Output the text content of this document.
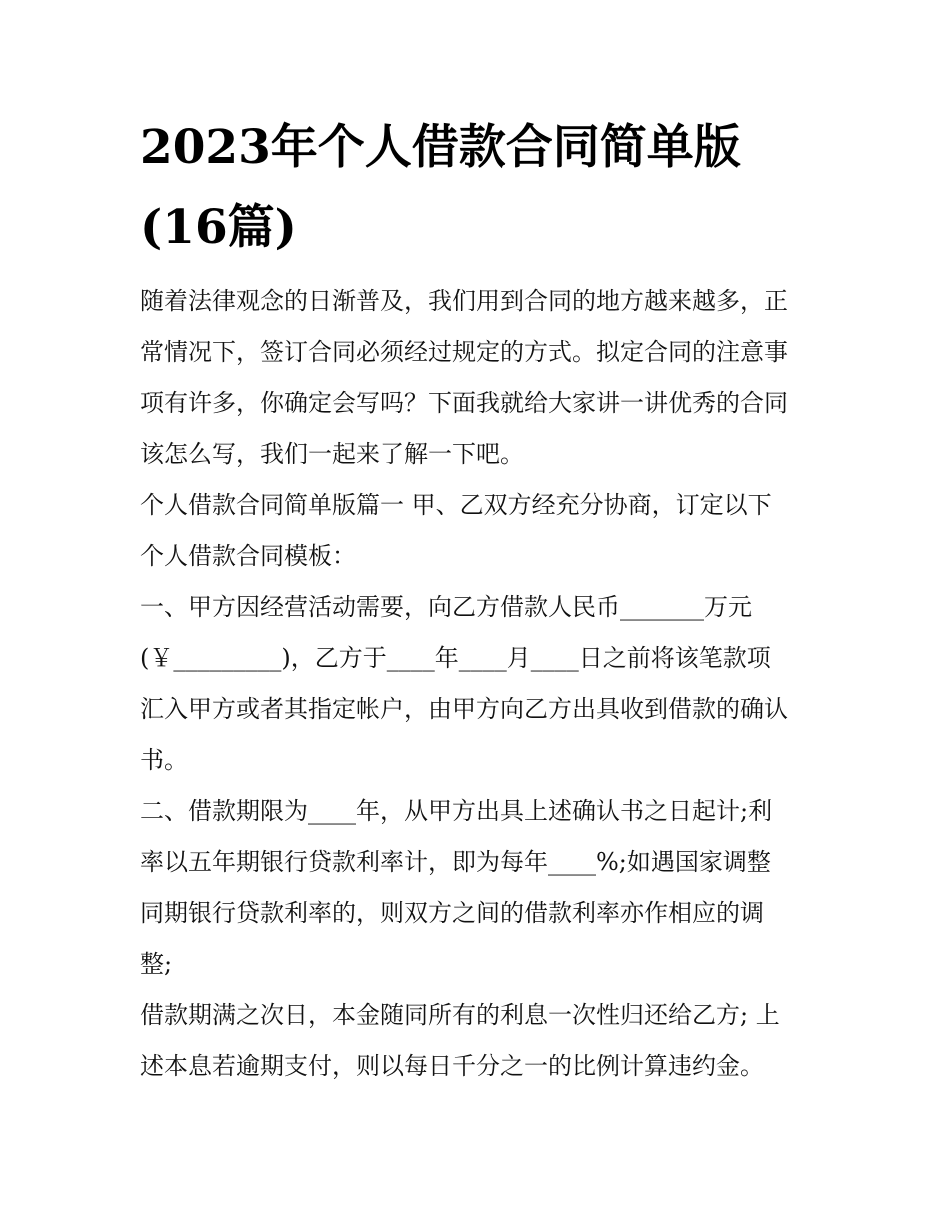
2023年个人借款合同简单版
(16篇)
随着法律观念的日渐普及，我们用到合同的地方越来越多，正
常情况下，签订合同必须经过规定的方式。拟定合同的注意事
项有许多，你确定会写吗？下面我就给大家讲一讲优秀的合同
该怎么写，我们一起来了解一下吧。
个人借款合同简单版篇一 甲、乙双方经充分协商，订定以下
个人借款合同模板：
一、甲方因经营活动需要，向乙方借款人民币_______万元
(￥_________)，乙方于____年____月____日之前将该笔款项
汇入甲方或者其指定帐户，由甲方向乙方出具收到借款的确认
书。
二、借款期限为____年，从甲方出具上述确认书之日起计;利
率以五年期银行贷款利率计，即为每年____%;如遇国家调整
同期银行贷款利率的，则双方之间的借款利率亦作相应的调
整;
借款期满之次日，本金随同所有的利息一次性归还给乙方; 上
述本息若逾期支付，则以每日千分之一的比例计算违约金。
